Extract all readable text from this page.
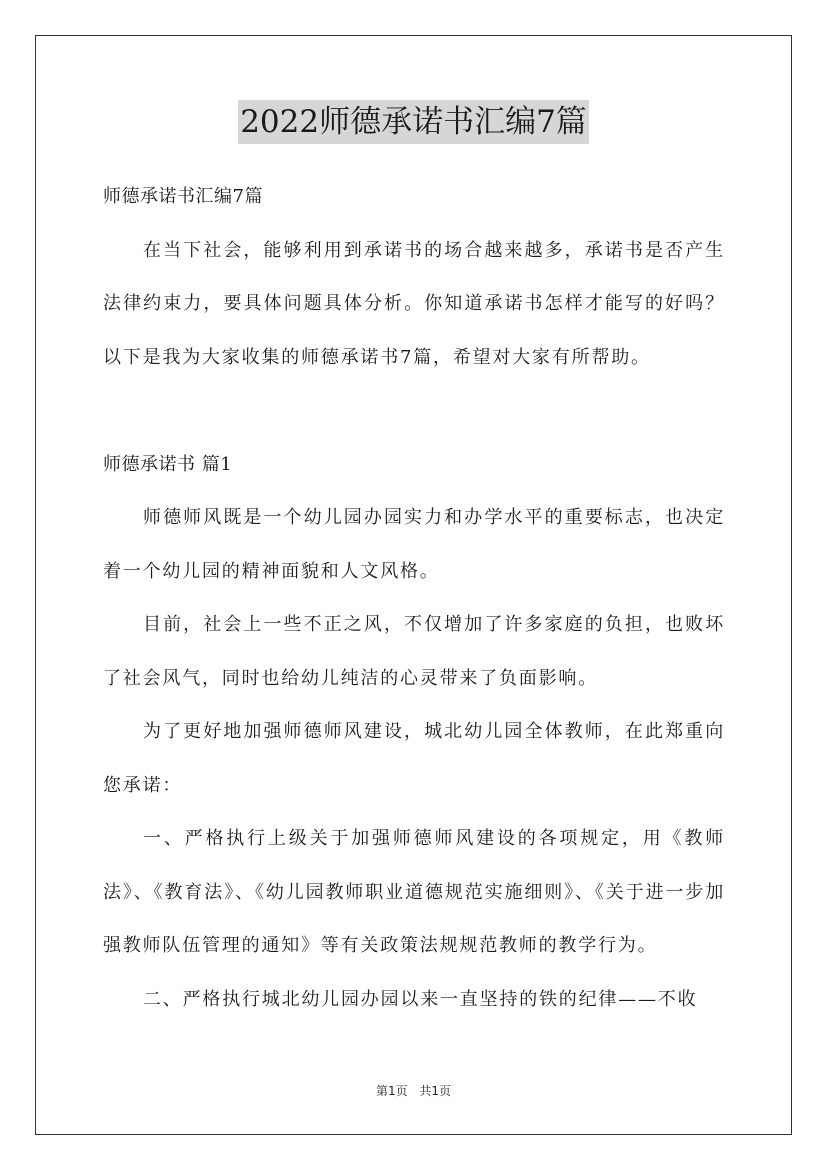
2022师德承诺书汇编7篇

师德承诺书汇编7篇

在当下社会，能够利用到承诺书的场合越来越多，承诺书是否产生法律约束力，要具体问题具体分析。你知道承诺书怎样才能写的好吗？以下是我为大家收集的师德承诺书7篇，希望对大家有所帮助。

师德承诺书 篇1

师德师风既是一个幼儿园办园实力和办学水平的重要标志，也决定着一个幼儿园的精神面貌和人文风格。

目前，社会上一些不正之风，不仅增加了许多家庭的负担，也败坏了社会风气，同时也给幼儿纯洁的心灵带来了负面影响。

为了更好地加强师德师风建设，城北幼儿园全体教师，在此郑重向您承诺：

一、严格执行上级关于加强师德师风建设的各项规定，用《教师法》、《教育法》、《幼儿园教师职业道德规范实施细则》、《关于进一步加强教师队伍管理的通知》等有关政策法规规范教师的教学行为。

二、严格执行城北幼儿园办园以来一直坚持的铁的纪律——不收

第1页 共1页
